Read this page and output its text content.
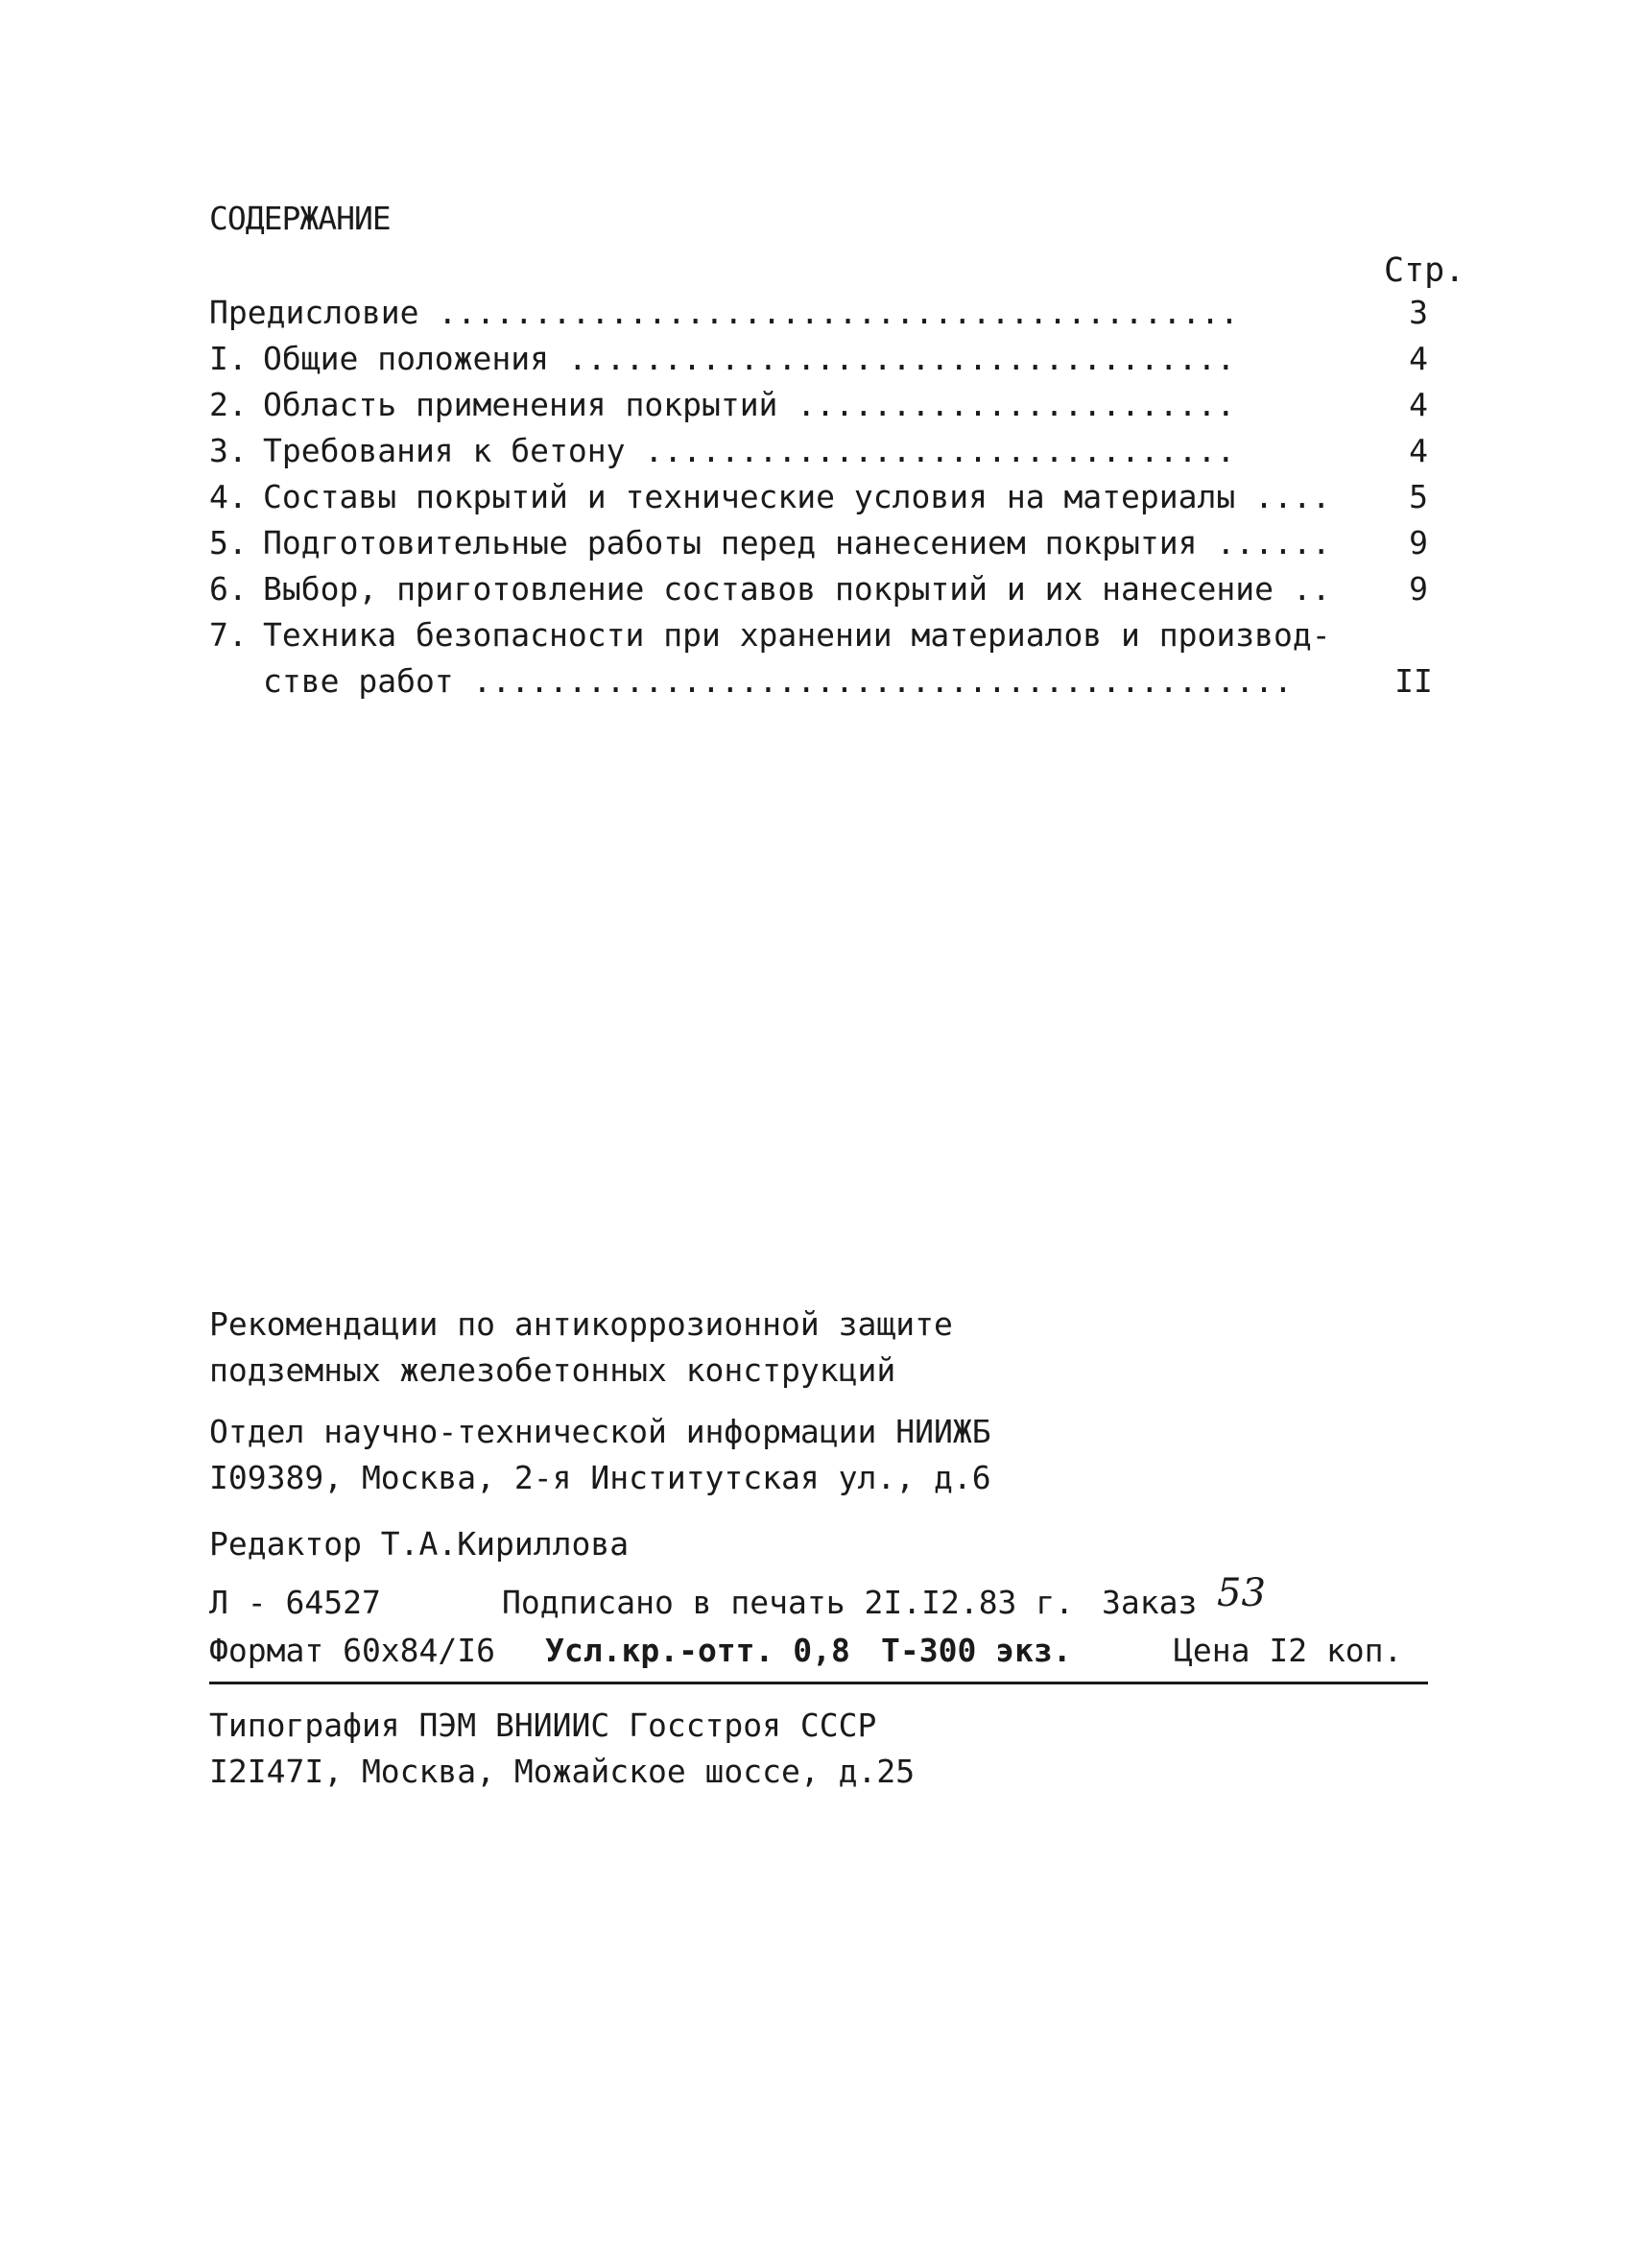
СОДЕРЖАНИЕ
Стр.
Предисловие ..........................................	3
I. Общие положения ...................................	4
2. Область применения покрытий .......................	4
3. Требования к бетону ...............................	4
4. Составы покрытий и технические условия на материалы ....	5
5. Подготовительные работы перед нанесением покрытия ......	9
6. Выбор, приготовление составов покрытий и их нанесение ..	9
7. Техника безопасности при хранении материалов и производ-
стве работ ...........................................	II
Рекомендации по антикоррозионной защите
подземных железобетонных конструкций
Отдел научно-технической информации НИИЖБ
I09389, Москва, 2-я Институтская ул., д.6
Редактор Т.А.Кириллова
Л - 64527	Подписано в печать 2I.I2.83 г. Заказ 53
Формат 60х84/I6 Усл.кр.-отт. 0,8 Т-300 экз.	Цена I2 коп.
Типография ПЭМ ВНИИИС Госстроя СССР
I2I47I, Москва, Можайское шоссе, д.25
